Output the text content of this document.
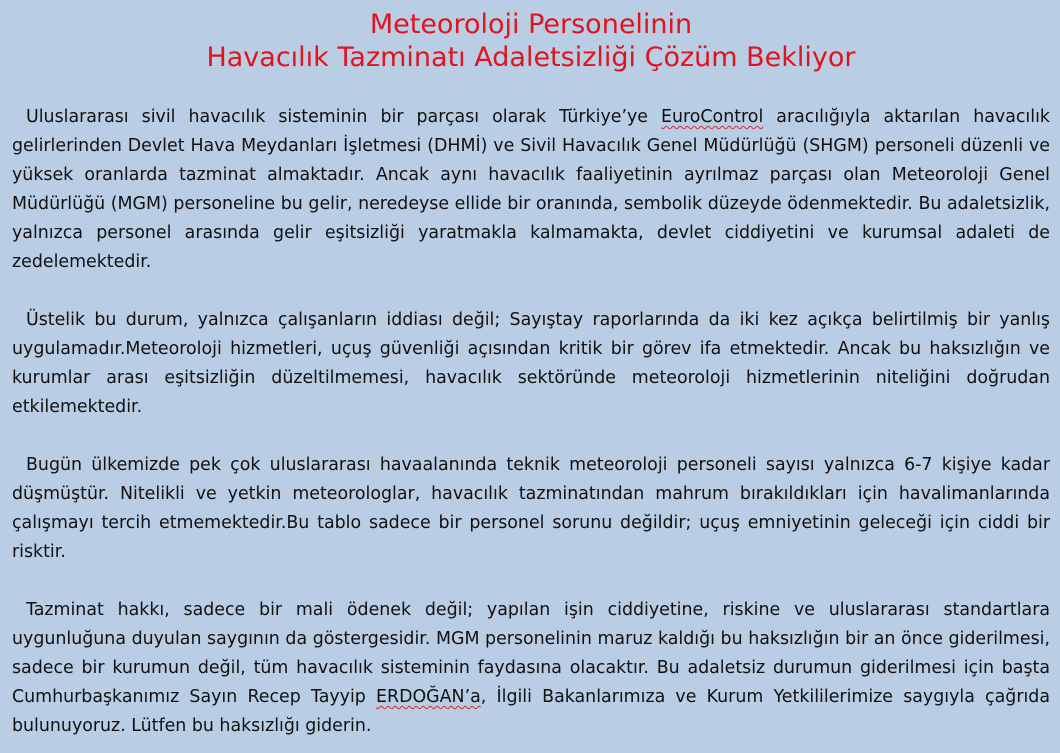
Meteoroloji Personelinin
Havacılık Tazminatı Adaletsizliği Çözüm Bekliyor

Uluslararası sivil havacılık sisteminin bir parçası olarak Türkiye’ye EuroControl aracılığıyla aktarılan havacılık gelirlerinden Devlet Hava Meydanları İşletmesi (DHMİ) ve Sivil Havacılık Genel Müdürlüğü (SHGM) personeli düzenli ve yüksek oranlarda tazminat almaktadır. Ancak aynı havacılık faaliyetinin ayrılmaz parçası olan Meteoroloji Genel Müdürlüğü (MGM) personeline bu gelir, neredeyse ellide bir oranında, sembolik düzeyde ödenmektedir. Bu adaletsizlik, yalnızca personel arasında gelir eşitsizliği yaratmakla kalmamakta, devlet ciddiyetini ve kurumsal adaleti de zedelemektedir.

Üstelik bu durum, yalnızca çalışanların iddiası değil; Sayıştay raporlarında da iki kez açıkça belirtilmiş bir yanlış uygulamadır.Meteoroloji hizmetleri, uçuş güvenliği açısından kritik bir görev ifa etmektedir. Ancak bu haksızlığın ve kurumlar arası eşitsizliğin düzeltilmemesi, havacılık sektöründe meteoroloji hizmetlerinin niteliğini doğrudan etkilemektedir.

Bugün ülkemizde pek çok uluslararası havaalanında teknik meteoroloji personeli sayısı yalnızca 6-7 kişiye kadar düşmüştür. Nitelikli ve yetkin meteorologlar, havacılık tazminatından mahrum bırakıldıkları için havalimanlarında çalışmayı tercih etmemektedir.Bu tablo sadece bir personel sorunu değildir; uçuş emniyetinin geleceği için ciddi bir risktir.

Tazminat hakkı, sadece bir mali ödenek değil; yapılan işin ciddiyetine, riskine ve uluslararası standartlara uygunluğuna duyulan saygının da göstergesidir. MGM personelinin maruz kaldığı bu haksızlığın bir an önce giderilmesi, sadece bir kurumun değil, tüm havacılık sisteminin faydasına olacaktır. Bu adaletsiz durumun giderilmesi için başta Cumhurbaşkanımız Sayın Recep Tayyip ERDOĞAN’a, İlgili Bakanlarımıza ve Kurum Yetkililerimize saygıyla çağrıda bulunuyoruz. Lütfen bu haksızlığı giderin.
